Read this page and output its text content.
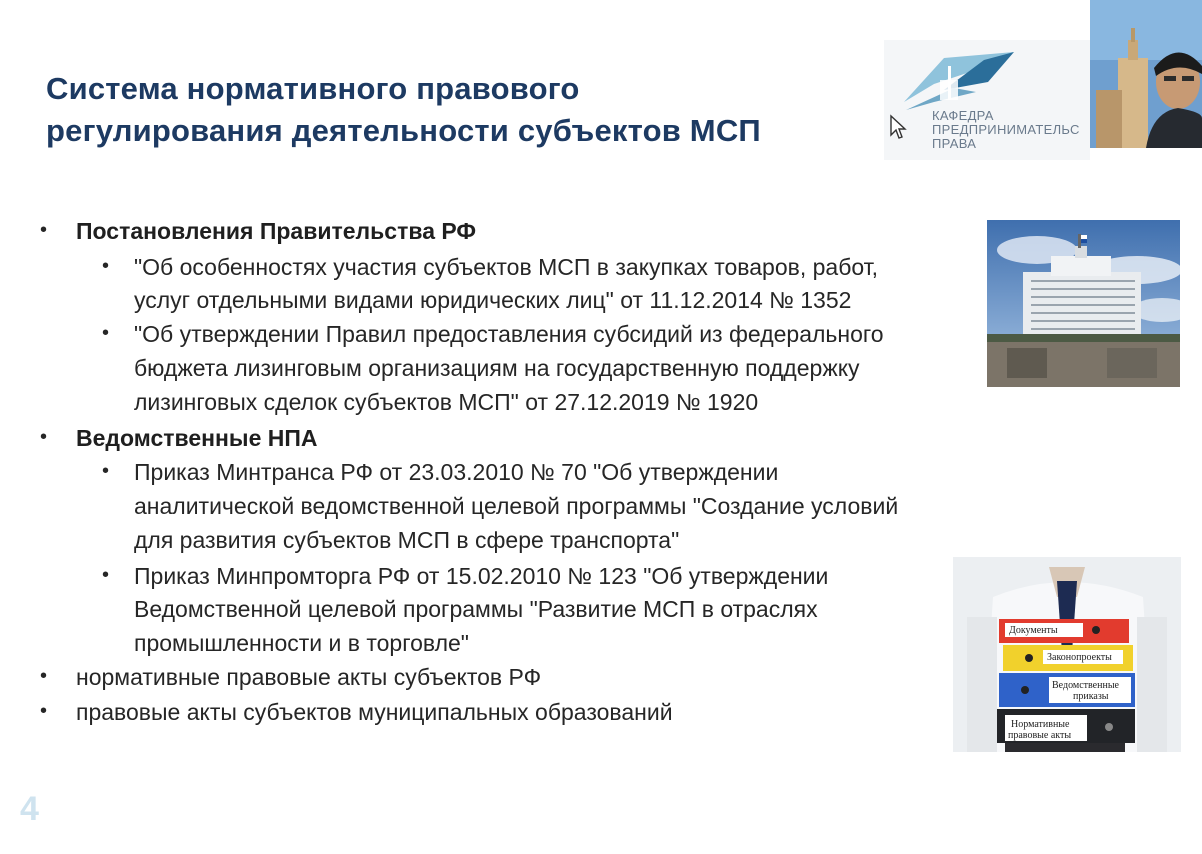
Система нормативного правового
регулирования деятельности субъектов МСП	КАФЕДРА
ПРЕДПРИНИМАТЕЛЬС
ПРАВА
• Постановления Правительства РФ
• "Об особенностях участия субъектов МСП в закупках товаров, работ,
услуг отдельными видами юридических лиц" от 11.12.2014 № 1352
• "Об утверждении Правил предоставления субсидий из федерального
бюджета лизинговым организациям на государственную поддержку
лизинговых сделок субъектов МСП" от 27.12.2019 № 1920
• Ведомственные НПА
• Приказ Минтранса РФ от 23.03.2010 № 70 "Об утверждении
аналитической ведомственной целевой программы "Создание условий
для развития субъектов МСП в сфере транспорта"
• Приказ Минпромторга РФ от 15.02.2010 № 123 "Об утверждении
Ведомственной целевой программы "Развитие МСП в отраслях
промышленности и в торговле"
• нормативные правовые акты субъектов РФ
• правовые акты субъектов муниципальных образований
Документы
Законопроекты
Ведомственные
приказы
Нормативные
правовые акты
4
